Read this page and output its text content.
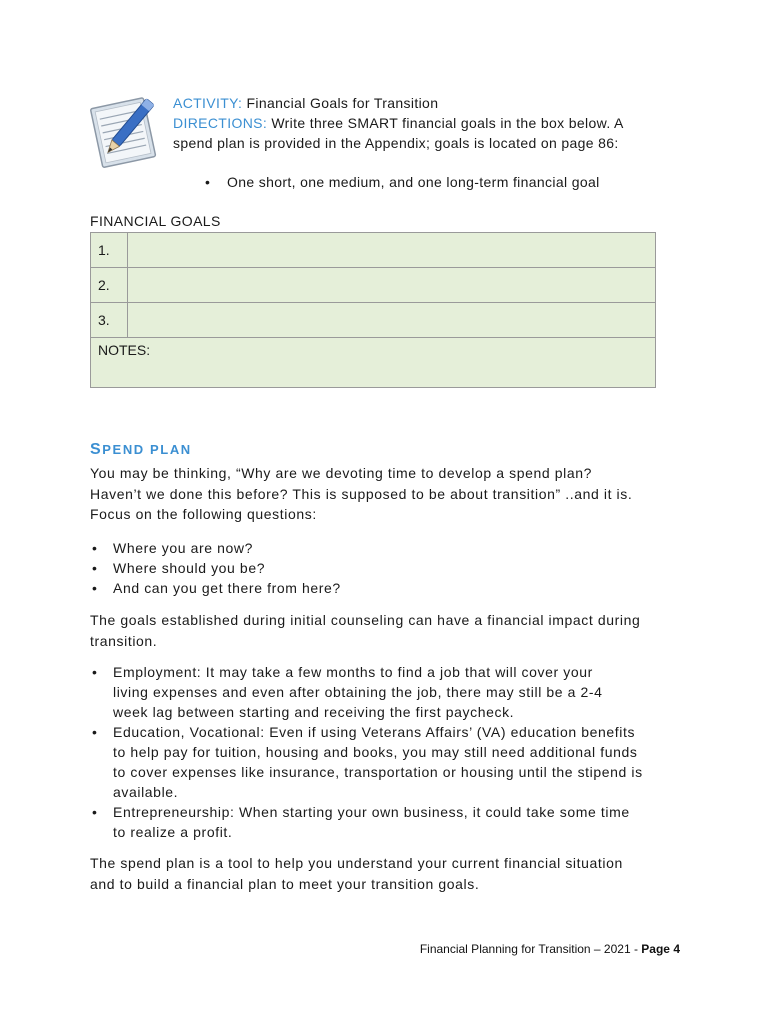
ACTIVITY: Financial Goals for Transition
DIRECTIONS: Write three SMART financial goals in the box below. A
spend plan is provided in the Appendix; goals is located on page 86:
• One short, one medium, and one long-term financial goal
FINANCIAL GOALS
1.	
2.	
3.	
NOTES:	
SPEND PLAN
You may be thinking, “Why are we devoting time to develop a spend plan?
Haven’t we done this before? This is supposed to be about transition” ..and it is.
Focus on the following questions:
• Where you are now?
• Where should you be?
• And can you get there from here?
The goals established during initial counseling can have a financial impact during
transition.
• Employment: It may take a few months to find a job that will cover your
living expenses and even after obtaining the job, there may still be a 2-4
week lag between starting and receiving the first paycheck.
• Education, Vocational: Even if using Veterans Affairs’ (VA) education benefits
to help pay for tuition, housing and books, you may still need additional funds
to cover expenses like insurance, transportation or housing until the stipend is
available.
• Entrepreneurship: When starting your own business, it could take some time
to realize a profit.
The spend plan is a tool to help you understand your current financial situation
and to build a financial plan to meet your transition goals.
Financial Planning for Transition – 2021 - Page 4
